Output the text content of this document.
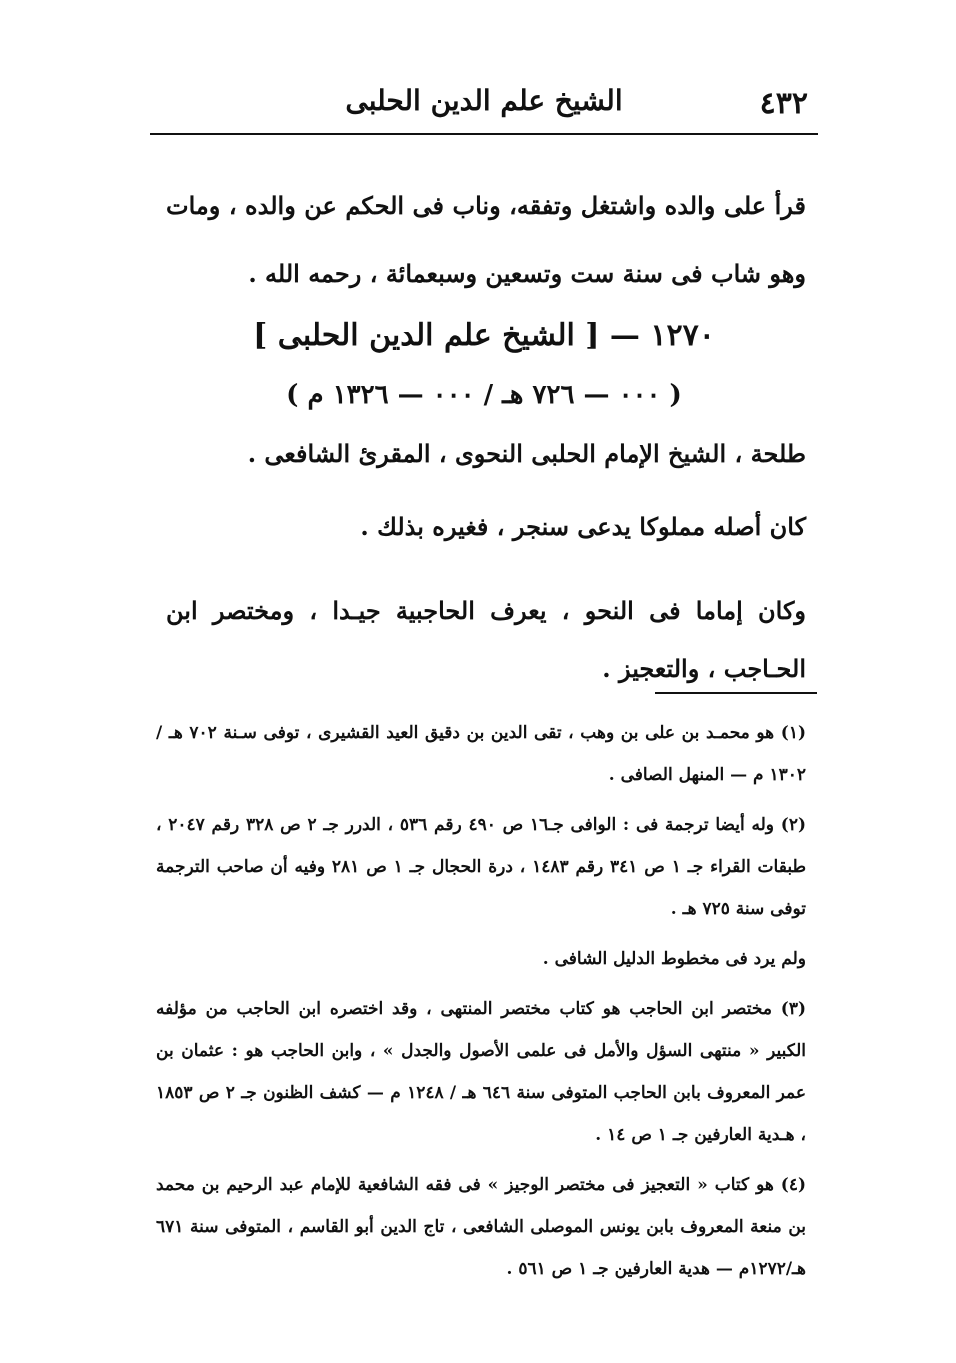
٤٣٢
الشيخ علم الدين الحلبى
قرأ على والده واشتغل وتفقه، وناب فى الحكم عن والده ، ومات وهو شاب فى سنة ست وتسعين وسبعمائة ، رحمه الله .
١٢٧٠ — [ الشيخ علم الدين الحلبى ]
( ٠٠٠ — ٧٢٦ هـ / ٠٠٠ — ١٣٢٦ م )
طلحة ، الشيخ الإمام الحلبى النحوى ، المقرئ الشافعى .
كان أصله مملوكا يدعى سنجر ، فغيره بذلك .
وكان إماما فى النحو ، يعرف الحاجبية جيـدا ، ومختصر ابن الحـاجب ، والتعجيز .

(١) هو محمـد بن على بن وهب ، تقى الدين بن دقيق العيد القشيرى ، توفى سـنة ٧٠٢ هـ / ١٣٠٢ م — المنهل الصافى .

(٢) وله أيضا ترجمة فى : الوافى جـ١٦ ص ٤٩٠ رقم ٥٣٦ ، الدرر جـ ٢ ص ٣٢٨ رقم ٢٠٤٧ ، طبقات القراء جـ ١ ص ٣٤١ رقم ١٤٨٣ ، درة الحجال جـ ١ ص ٢٨١ وفيه أن صاحب الترجمة توفى سنة ٧٢٥ هـ .

ولم يرد فى مخطوط الدليل الشافى .

(٣) مختصر ابن الحاجب هو كتاب مختصر المنتهى ، وقد اختصره ابن الحاجب من مؤلفه الكبير « منتهى السؤل والأمل فى علمى الأصول والجدل » ، وابن الحاجب هو : عثمان بن عمر المعروف بابن الحاجب المتوفى سنة ٦٤٦ هـ / ١٢٤٨ م — كشف الظنون جـ ٢ ص ١٨٥٣ ، هـدية العارفين جـ ١ ص ١٤ .

(٤) هو كتاب « التعجيز فى مختصر الوجيز » فى فقه الشافعية للإمام عبد الرحيم بن محمد بن منعة المعروف بابن يونس الموصلى الشافعى ، تاج الدين أبو القاسم ، المتوفى سنة ٦٧١ هـ/١٢٧٢م — هدية العارفين جـ ١ ص ٥٦١ .
